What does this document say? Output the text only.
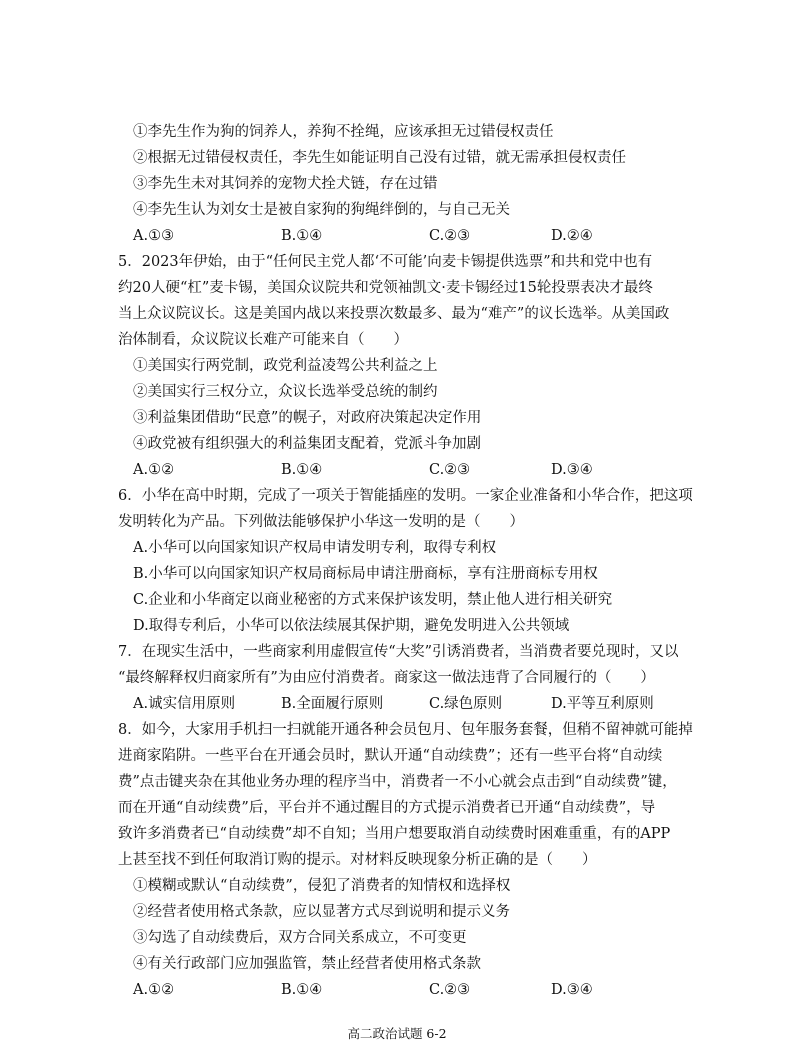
①李先生作为狗的饲养人，养狗不拴绳，应该承担无过错侵权责任
②根据无过错侵权责任，李先生如能证明自己没有过错，就无需承担侵权责任
③李先生未对其饲养的宠物犬拴犬链，存在过错
④李先生认为刘女士是被自家狗的狗绳绊倒的，与自己无关
A.①③	B.①④	C.②③	D.②④
5．2023年伊始，由于“任何民主党人都‘不可能’向麦卡锡提供选票”和共和党中也有
约20人硬“杠”麦卡锡，美国众议院共和党领袖凯文·麦卡锡经过15轮投票表决才最终
当上众议院议长。这是美国内战以来投票次数最多、最为“难产”的议长选举。从美国政
治体制看，众议院议长难产可能来自（　　）
①美国实行两党制，政党利益凌驾公共利益之上
②美国实行三权分立，众议长选举受总统的制约
③利益集团借助“民意”的幌子，对政府决策起决定作用
④政党被有组织强大的利益集团支配着，党派斗争加剧
A.①②	B.①④	C.②③	D.③④
6．小华在高中时期，完成了一项关于智能插座的发明。一家企业准备和小华合作，把这项
发明转化为产品。下列做法能够保护小华这一发明的是（　　）
A.小华可以向国家知识产权局申请发明专利，取得专利权
B.小华可以向国家知识产权局商标局申请注册商标，享有注册商标专用权
C.企业和小华商定以商业秘密的方式来保护该发明，禁止他人进行相关研究
D.取得专利后，小华可以依法续展其保护期，避免发明进入公共领域
7．在现实生活中，一些商家利用虚假宣传“大奖”引诱消费者，当消费者要兑现时，又以
“最终解释权归商家所有”为由应付消费者。商家这一做法违背了合同履行的（　　）
A.诚实信用原则	B.全面履行原则	C.绿色原则	D.平等互利原则
8．如今，大家用手机扫一扫就能开通各种会员包月、包年服务套餐，但稍不留神就可能掉
进商家陷阱。一些平台在开通会员时，默认开通“自动续费”；还有一些平台将“自动续
费”点击键夹杂在其他业务办理的程序当中，消费者一不小心就会点击到“自动续费”键，
而在开通“自动续费”后，平台并不通过醒目的方式提示消费者已开通“自动续费”，导
致许多消费者已“自动续费”却不自知；当用户想要取消自动续费时困难重重，有的APP
上甚至找不到任何取消订购的提示。对材料反映现象分析正确的是（　　）
①模糊或默认“自动续费”，侵犯了消费者的知情权和选择权
②经营者使用格式条款，应以显著方式尽到说明和提示义务
③勾选了自动续费后，双方合同关系成立，不可变更
④有关行政部门应加强监管，禁止经营者使用格式条款
A.①②	B.①④	C.②③	D.③④
高二政治试题 6-2
